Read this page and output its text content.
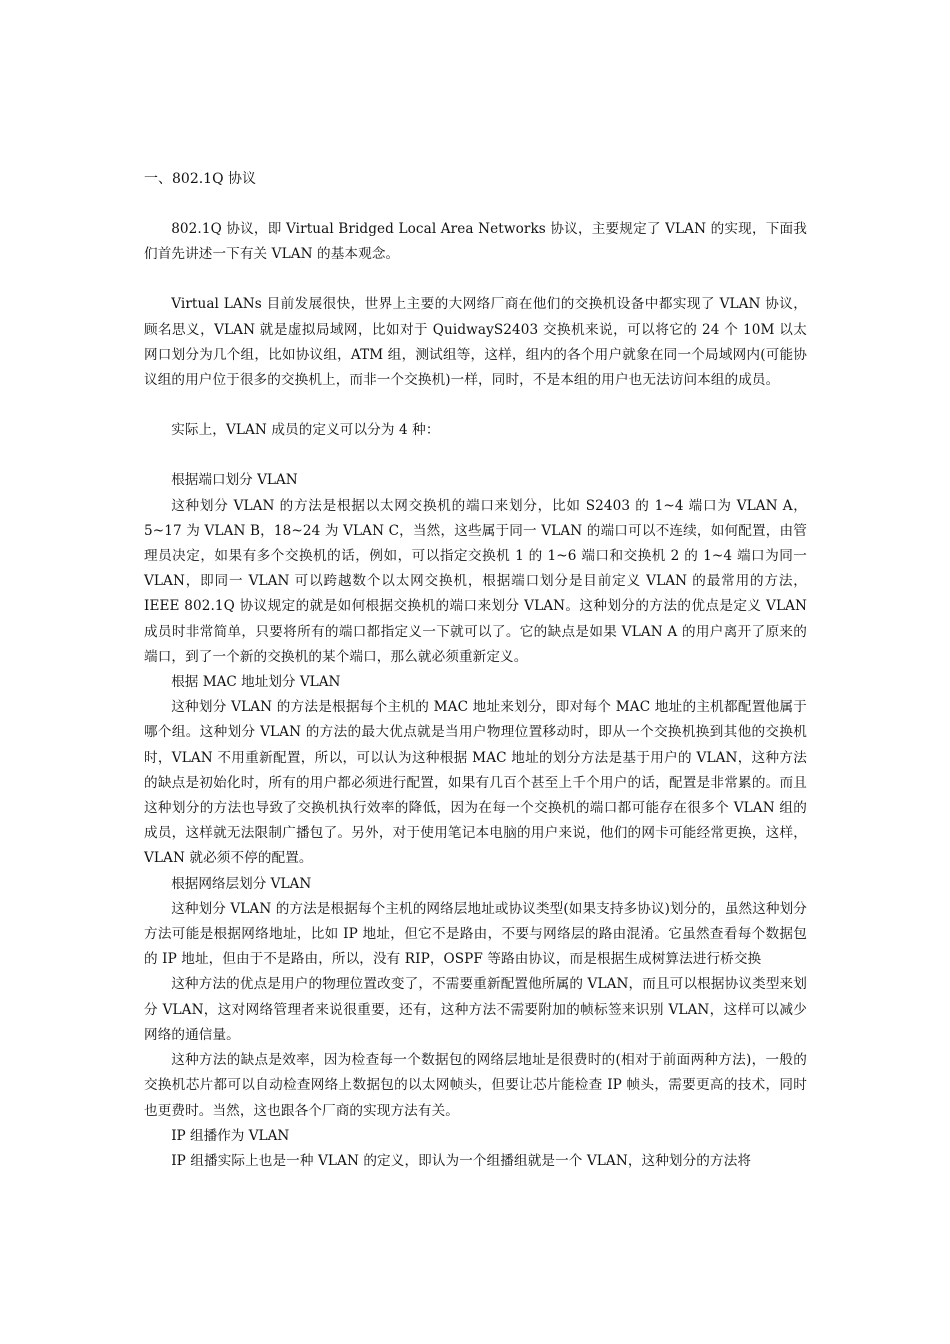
一、802.1Q 协议

802.1Q 协议，即 Virtual Bridged Local Area Networks 协议，主要规定了 VLAN 的实现，下面我们首先讲述一下有关 VLAN 的基本观念。

Virtual LANs 目前发展很快，世界上主要的大网络厂商在他们的交换机设备中都实现了 VLAN 协议，顾名思义，VLAN 就是虚拟局域网，比如对于 QuidwayS2403 交换机来说，可以将它的 24 个 10M 以太网口划分为几个组，比如协议组，ATM 组，测试组等，这样，组内的各个用户就象在同一个局域网内(可能协议组的用户位于很多的交换机上，而非一个交换机)一样，同时，不是本组的用户也无法访问本组的成员。

实际上，VLAN 成员的定义可以分为 4 种：

根据端口划分 VLAN

这种划分 VLAN 的方法是根据以太网交换机的端口来划分，比如 S2403 的 1~4 端口为 VLAN A，5~17 为 VLAN B，18~24 为 VLAN C，当然，这些属于同一 VLAN 的端口可以不连续，如何配置，由管理员决定，如果有多个交换机的话，例如，可以指定交换机 1 的 1~6 端口和交换机 2 的 1~4 端口为同一 VLAN，即同一 VLAN 可以跨越数个以太网交换机，根据端口划分是目前定义 VLAN 的最常用的方法，IEEE 802.1Q 协议规定的就是如何根据交换机的端口来划分 VLAN。这种划分的方法的优点是定义 VLAN 成员时非常简单，只要将所有的端口都指定义一下就可以了。它的缺点是如果 VLAN A 的用户离开了原来的端口，到了一个新的交换机的某个端口，那么就必须重新定义。

根据 MAC 地址划分 VLAN

这种划分 VLAN 的方法是根据每个主机的 MAC 地址来划分，即对每个 MAC 地址的主机都配置他属于哪个组。这种划分 VLAN 的方法的最大优点就是当用户物理位置移动时，即从一个交换机换到其他的交换机时，VLAN 不用重新配置，所以，可以认为这种根据 MAC 地址的划分方法是基于用户的 VLAN，这种方法的缺点是初始化时，所有的用户都必须进行配置，如果有几百个甚至上千个用户的话，配置是非常累的。而且这种划分的方法也导致了交换机执行效率的降低，因为在每一个交换机的端口都可能存在很多个 VLAN 组的成员，这样就无法限制广播包了。另外，对于使用笔记本电脑的用户来说，他们的网卡可能经常更换，这样，VLAN 就必须不停的配置。

根据网络层划分 VLAN

这种划分 VLAN 的方法是根据每个主机的网络层地址或协议类型(如果支持多协议)划分的，虽然这种划分方法可能是根据网络地址，比如 IP 地址，但它不是路由，不要与网络层的路由混淆。它虽然查看每个数据包的 IP 地址，但由于不是路由，所以，没有 RIP，OSPF 等路由协议，而是根据生成树算法进行桥交换

这种方法的优点是用户的物理位置改变了，不需要重新配置他所属的 VLAN，而且可以根据协议类型来划分 VLAN，这对网络管理者来说很重要，还有，这种方法不需要附加的帧标签来识别 VLAN，这样可以减少网络的通信量。

这种方法的缺点是效率，因为检查每一个数据包的网络层地址是很费时的(相对于前面两种方法)，一般的交换机芯片都可以自动检查网络上数据包的以太网帧头，但要让芯片能检查 IP 帧头，需要更高的技术，同时也更费时。当然，这也跟各个厂商的实现方法有关。

IP 组播作为 VLAN

IP 组播实际上也是一种 VLAN 的定义，即认为一个组播组就是一个 VLAN，这种划分的方法将
